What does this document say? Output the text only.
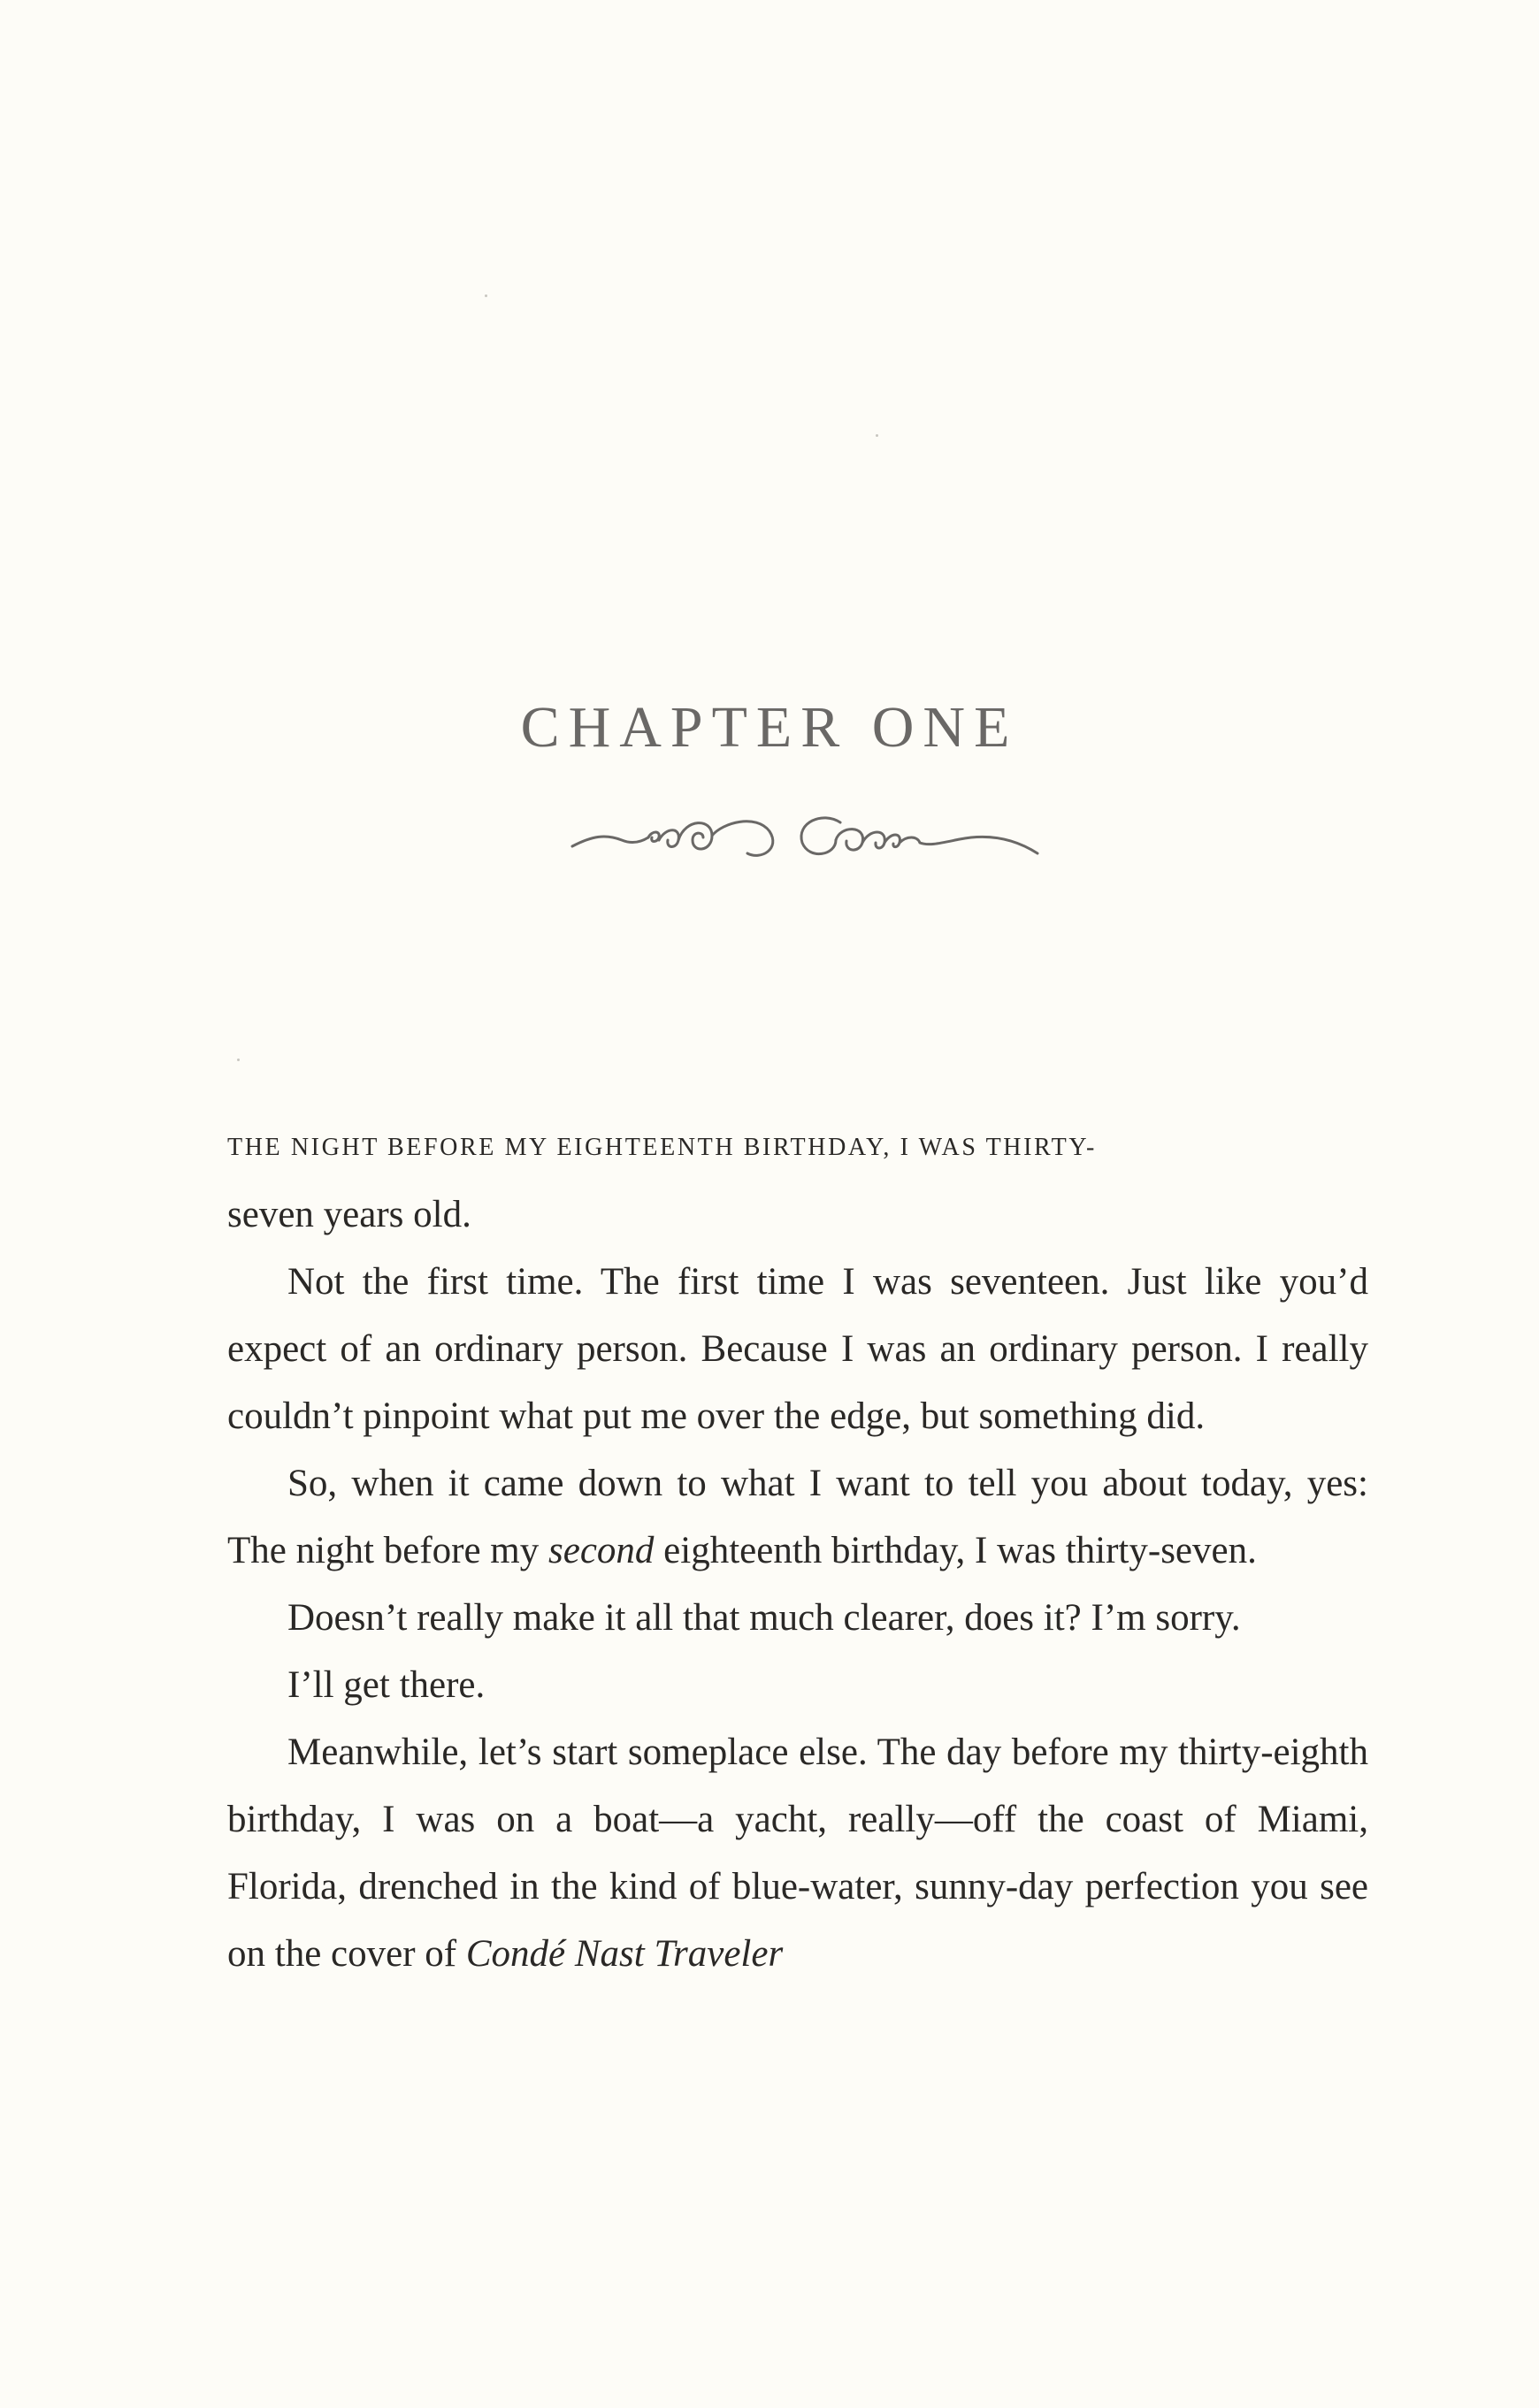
CHAPTER ONE
THE NIGHT BEFORE MY EIGHTEENTH BIRTHDAY, I WAS THIRTY-

seven years old.

Not the first time. The first time I was seventeen. Just like you’d expect of an ordinary person. Because I was an ordinary person. I really couldn’t pinpoint what put me over the edge, but something did.

So, when it came down to what I want to tell you about today, yes: The night before my second eighteenth birthday, I was thirty-seven.

Doesn’t really make it all that much clearer, does it? I’m sorry.

I’ll get there.

Meanwhile, let’s start someplace else. The day before my thirty-eighth birthday, I was on a boat—a yacht, really—off the coast of Miami, Florida, drenched in the kind of blue-water, sunny-day perfection you see on the cover of Condé Nast Traveler
